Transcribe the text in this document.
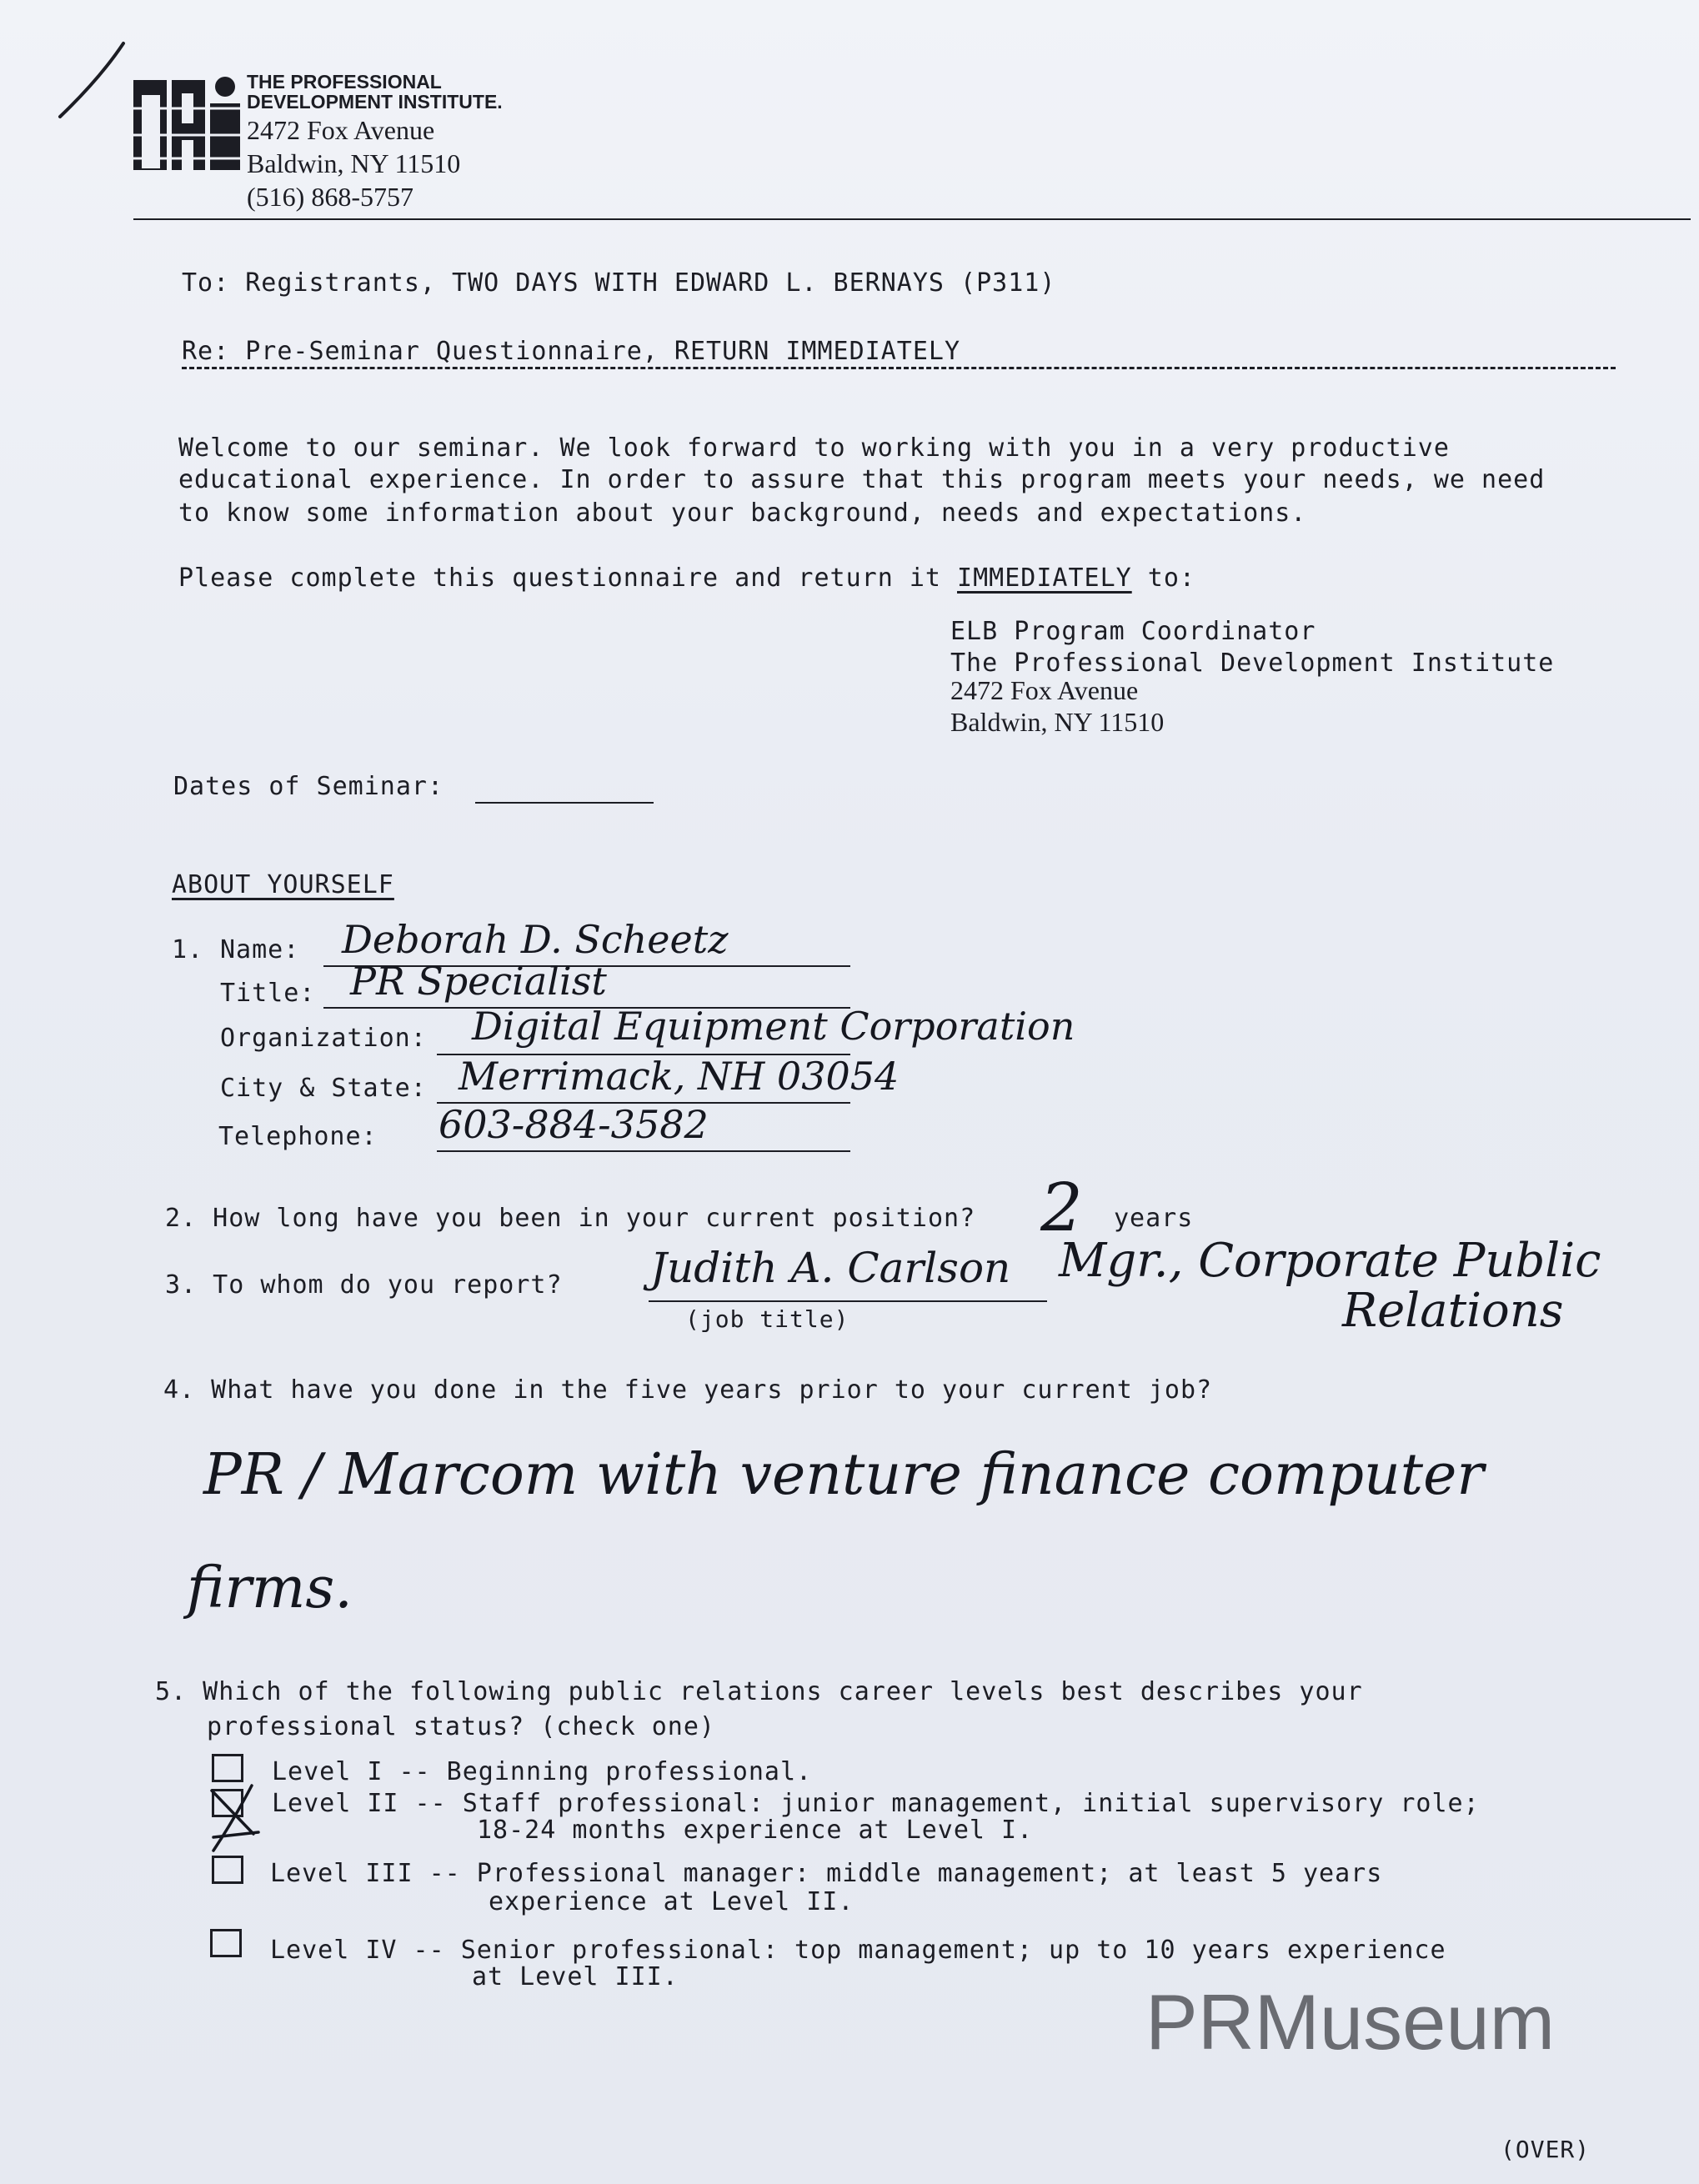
THE PROFESSIONAL
DEVELOPMENT INSTITUTE.
2472 Fox Avenue
Baldwin, NY 11510
(516) 868-5757
To: Registrants, TWO DAYS WITH EDWARD L. BERNAYS (P311)
Re: Pre-Seminar Questionnaire, RETURN IMMEDIATELY
Welcome to our seminar. We look forward to working with you in a very productive
educational experience. In order to assure that this program meets your needs, we need
to know some information about your background, needs and expectations.
Please complete this questionnaire and return it IMMEDIATELY to:
ELB Program Coordinator
The Professional Development Institute
2472 Fox Avenue
Baldwin, NY 11510
Dates of Seminar:
ABOUT YOURSELF
1. Name: Deborah D. Scheetz
Title: PR Specialist
Organization: Digital Equipment Corporation
City & State: Merrimack, NH 03054
Telephone: 603-884-3582
2. How long have you been in your current position? 2 years
3. To whom do you report? Judith A. Carlson
(job title)
Mgr., Corporate Public
Relations
4. What have you done in the five years prior to your current job?
PR / Marcom with venture finance computer
firms.
5. Which of the following public relations career levels best describes your
professional status? (check one)
Level I -- Beginning professional.
Level II -- Staff professional: junior management, initial supervisory role;
18-24 months experience at Level I.
Level III -- Professional manager: middle management; at least 5 years
experience at Level II.
Level IV -- Senior professional: top management; up to 10 years experience
at Level III.
PRMuseum
(OVER)
